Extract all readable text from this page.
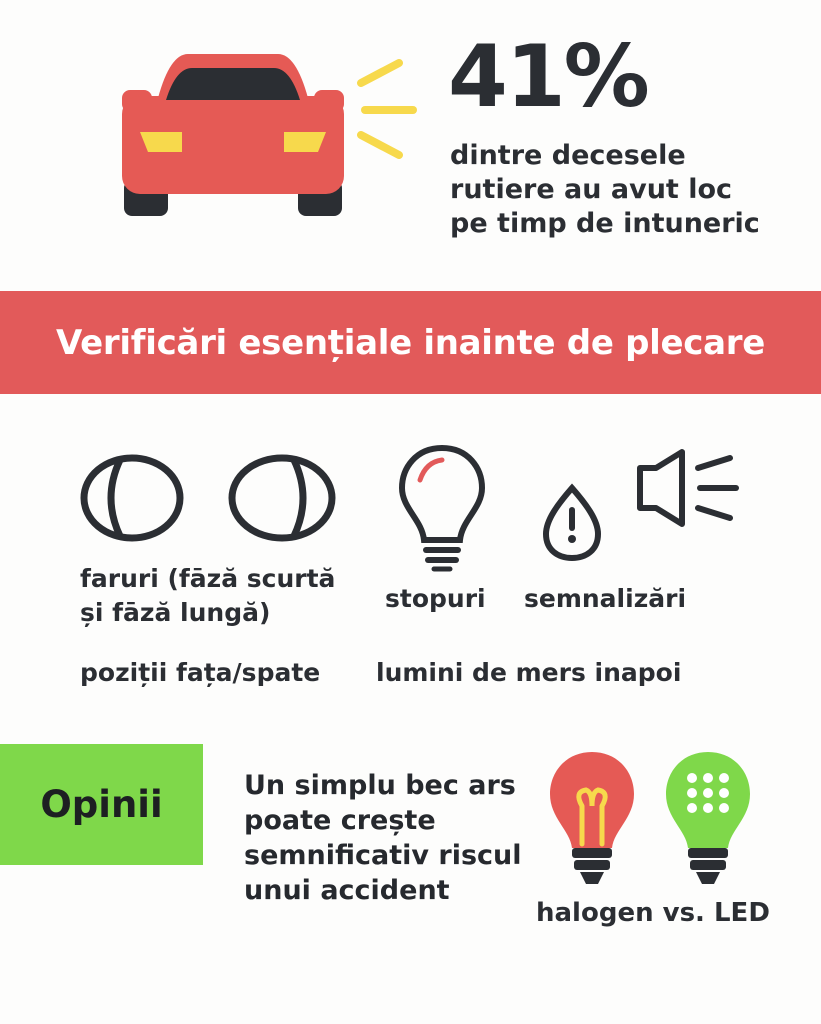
41%
dintre decesele
rutiere au avut loc
pe timp de intuneric
Verificări esențiale inainte de plecare
faruri (fāză scurtă
și fāză lungă)	stopuri semnalizări
poziții fața/spate lumini de mers inapoi
Opinii	Un simplu bec ars
poate crește
semnificativ riscul
unui accident
halogen vs. LED
